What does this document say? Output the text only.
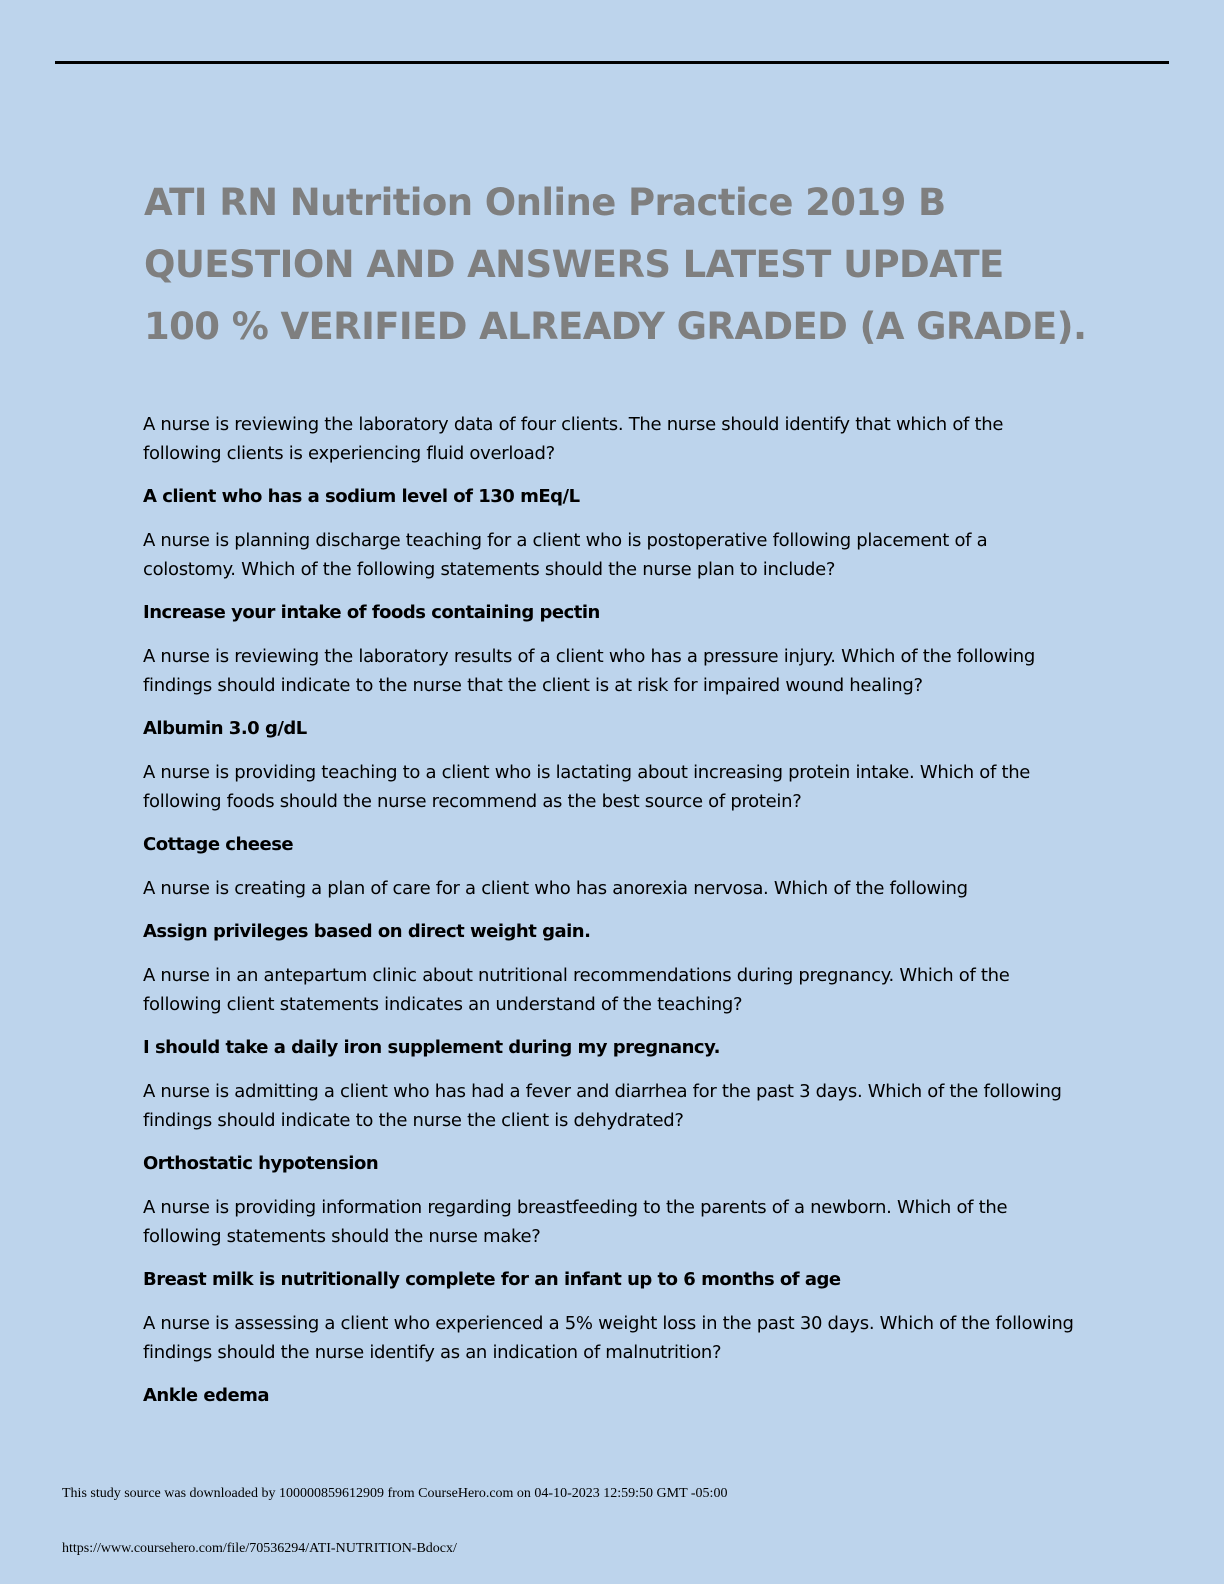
ATI RN Nutrition Online Practice 2019 B
QUESTION AND ANSWERS LATEST UPDATE
100 % VERIFIED ALREADY GRADED (A GRADE).

A nurse is reviewing the laboratory data of four clients. The nurse should identify that which of the following clients is experiencing fluid overload?

A client who has a sodium level of 130 mEq/L

A nurse is planning discharge teaching for a client who is postoperative following placement of a colostomy. Which of the following statements should the nurse plan to include?

Increase your intake of foods containing pectin

A nurse is reviewing the laboratory results of a client who has a pressure injury. Which of the following findings should indicate to the nurse that the client is at risk for impaired wound healing?

Albumin 3.0 g/dL

A nurse is providing teaching to a client who is lactating about increasing protein intake. Which of the following foods should the nurse recommend as the best source of protein?

Cottage cheese

A nurse is creating a plan of care for a client who has anorexia nervosa. Which of the following

Assign privileges based on direct weight gain.

A nurse in an antepartum clinic about nutritional recommendations during pregnancy. Which of the following client statements indicates an understand of the teaching?

I should take a daily iron supplement during my pregnancy.

A nurse is admitting a client who has had a fever and diarrhea for the past 3 days. Which of the following findings should indicate to the nurse the client is dehydrated?

Orthostatic hypotension

A nurse is providing information regarding breastfeeding to the parents of a newborn. Which of the following statements should the nurse make?

Breast milk is nutritionally complete for an infant up to 6 months of age

A nurse is assessing a client who experienced a 5% weight loss in the past 30 days. Which of the following findings should the nurse identify as an indication of malnutrition?

Ankle edema

This study source was downloaded by 100000859612909 from CourseHero.com on 04-10-2023 12:59:50 GMT -05:00
https://www.coursehero.com/file/70536294/ATI-NUTRITION-Bdocx/
